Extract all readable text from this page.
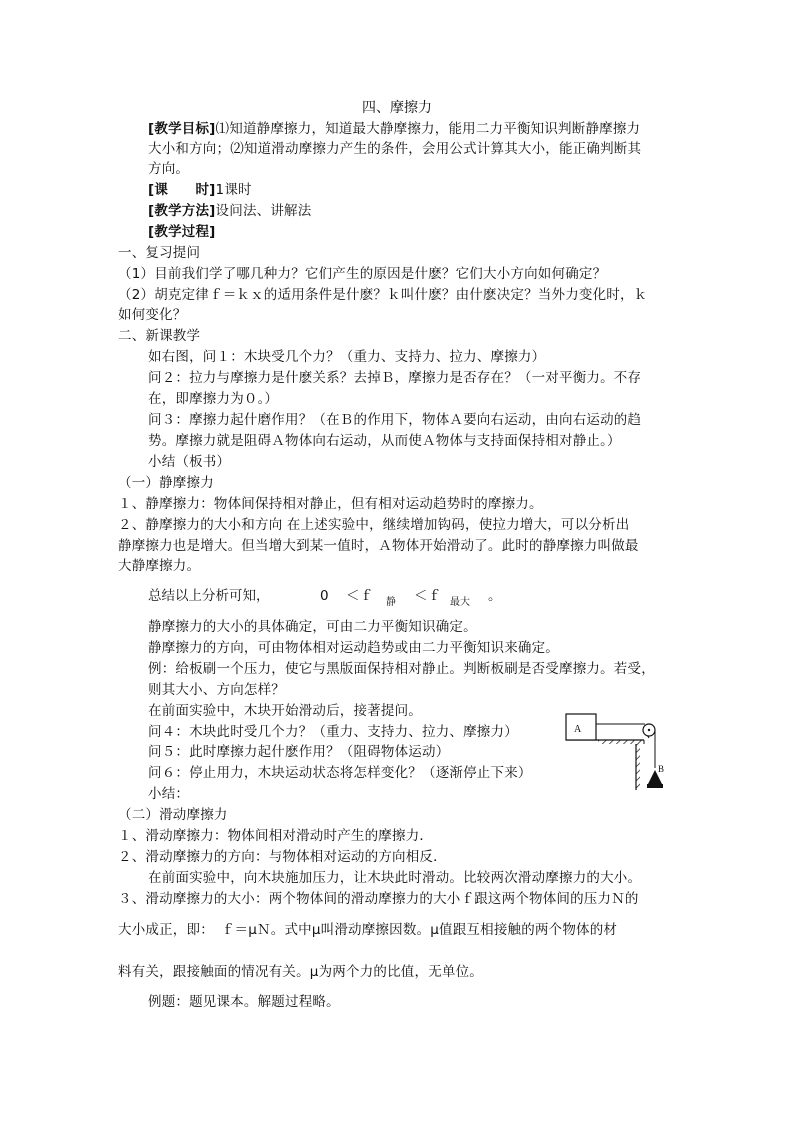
四、摩擦力
[教学目标]⑴知道静摩擦力，知道最大静摩擦力，能用二力平衡知识判断静摩擦力
大小和方向；⑵知道滑动摩擦力产生的条件，会用公式计算其大小，能正确判断其
方向。
[课　　时]1课时
[教学方法]设问法、讲解法
[教学过程]
一、复习提问
（1）目前我们学了哪几种力？它们产生的原因是什麽？它们大小方向如何确定？
（2）胡克定律ｆ＝ｋｘ的适用条件是什麽？ｋ叫什麽？由什麽决定？当外力变化时，ｋ
如何变化？
二、新课教学
如右图，问１：木块受几个力？（重力、支持力、拉力、摩擦力）
问２：拉力与摩擦力是什麽关系？去掉Ｂ，摩擦力是否存在？（一对平衡力。不存
在，即摩擦力为０。）
问３：摩擦力起什磨作用？（在Ｂ的作用下，物体Ａ要向右运动，由向右运动的趋
势。摩擦力就是阻碍Ａ物体向右运动，从而使Ａ物体与支持面保持相对静止。）
小结（板书）
（一）静摩擦力
１、静摩擦力：物体间保持相对静止，但有相对运动趋势时的摩擦力。
２、静摩擦力的大小和方向 在上述实验中，继续增加钩码，使拉力增大，可以分析出
静摩擦力也是增大。但当增大到某一值时，Ａ物体开始滑动了。此时的静摩擦力叫做最
大静摩擦力。
总结以上分析可知，	0 ＜ｆ 静 ＜ｆ 最大 。
静摩擦力的大小的具体确定，可由二力平衡知识确定。
静摩擦力的方向，可由物体相对运动趋势或由二力平衡知识来确定。
例：给板刷一个压力，使它与黑版面保持相对静止。判断板刷是否受摩擦力。若受，
则其大小、方向怎样？
在前面实验中，木块开始滑动后，接著提问。
问４：木块此时受几个力？（重力、支持力、拉力、摩擦力）
问５：此时摩擦力起什麽作用？（阻碍物体运动）
问６：停止用力，木块运动状态将怎样变化？（逐渐停止下来）
小结：
（二）滑动摩擦力
１、滑动摩擦力：物体间相对滑动时产生的摩擦力．
２、滑动摩擦力的方向：与物体相对运动的方向相反．
在前面实验中，向木块施加压力，让木块此时滑动。比较两次滑动摩擦力的大小。
３、滑动摩擦力的大小：两个物体间的滑动摩擦力的大小ｆ跟这两个物体间的压力Ｎ的
大小成正，即：　ｆ＝μＮ。式中μ叫滑动摩擦因数。μ值跟互相接触的两个物体的材
料有关，跟接触面的情况有关。μ为两个力的比值，无单位。
例题：题见课本。解题过程略。
A
B
